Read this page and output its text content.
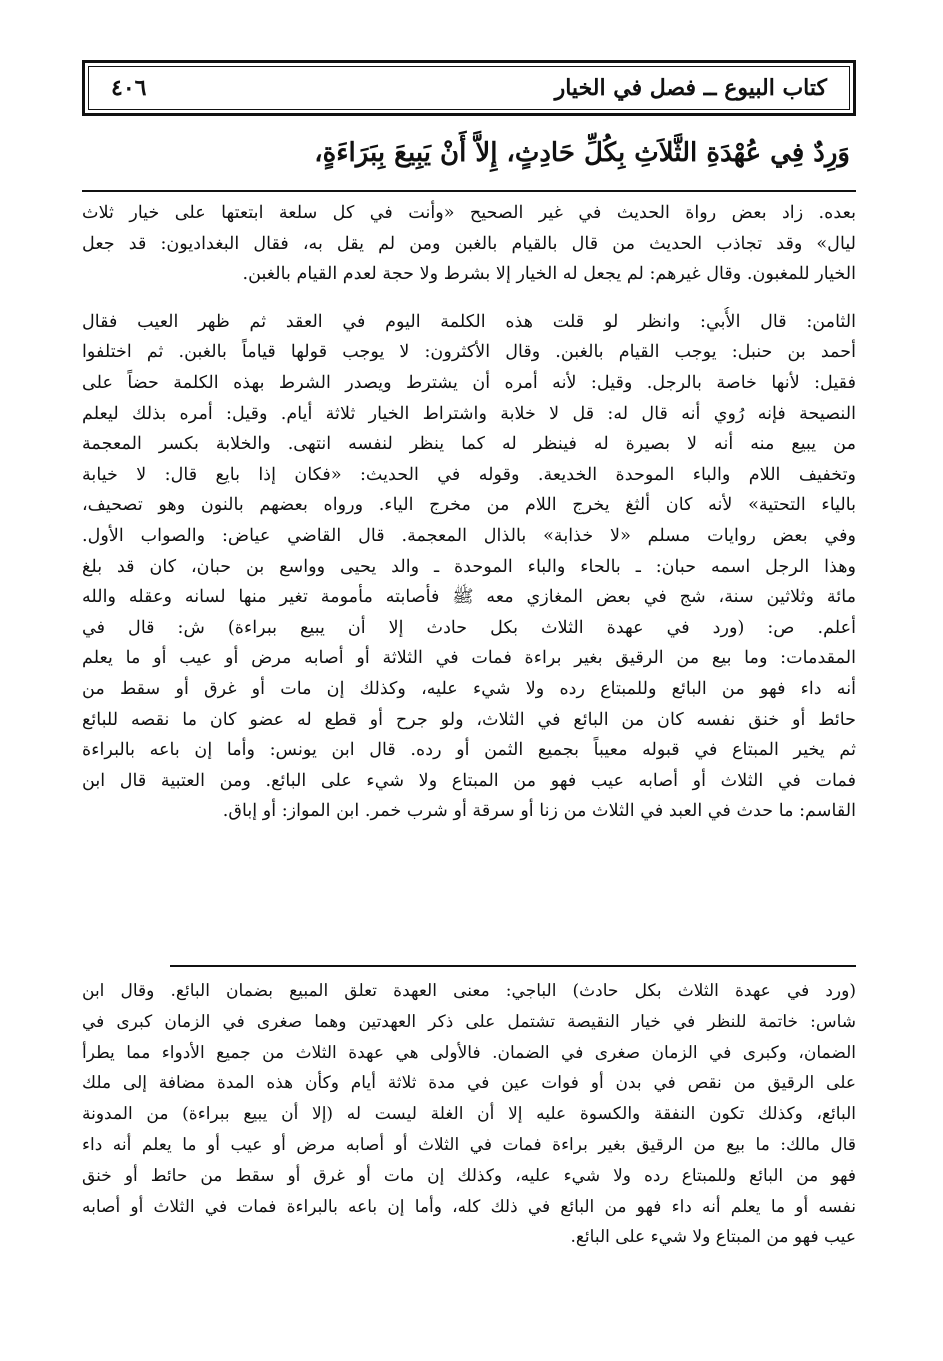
كتاب البيوع ــ فصل في الخيار
٤٠٦
وَرِدٌ فِي عُهْدَةِ الثَّلاَثِ بِكُلِّ حَادِثٍ، إِلاَّ أَنْ يَبِيعَ بِبَرَاءَةٍ،
بعده. زاد بعض رواة الحديث في غير الصحيح «وأنت في كل سلعة ابتعتها على خيار ثلاث
ليال» وقد تجاذب الحديث من قال بالقيام بالغبن ومن لم يقل به، فقال البغداديون: قد جعل
الخيار للمغبون. وقال غيرهم: لم يجعل له الخيار إلا بشرط ولا حجة لعدم القيام بالغبن.
الثامن: قال الأُبي: وانظر لو قلت هذه الكلمة اليوم في العقد ثم ظهر العيب فقال
أحمد بن حنبل: يوجب القيام بالغبن. وقال الأكثرون: لا يوجب قولها قياماً بالغبن. ثم اختلفوا
فقيل: لأنها خاصة بالرجل. وقيل: لأنه أمره أن يشترط ويصدر الشرط بهذه الكلمة حضاً على
النصيحة فإنه رُوي أنه قال له: قل لا خلابة واشتراط الخيار ثلاثة أيام. وقيل: أمره بذلك ليعلم
من يبيع منه أنه لا بصيرة له فينظر له كما ينظر لنفسه انتهى. والخلابة بكسر المعجمة
وتخفيف اللام والباء الموحدة الخديعة. وقوله في الحديث: «فكان إذا بايع قال: لا خيابة
بالياء التحتية» لأنه كان ألثغ يخرج اللام من مخرج الياء. ورواه بعضهم بالنون وهو تصحيف،
وفي بعض روايات مسلم «لا خذابة» بالذال المعجمة. قال القاضي عياض: والصواب الأول.
وهذا الرجل اسمه حبان: ـ بالحاء والباء الموحدة ـ والد يحيى وواسع بن حبان، كان قد بلغ
مائة وثلاثين سنة، شج في بعض المغازي معه ﷺ فأصابته مأمومة تغير منها لسانه وعقله والله
أعلم. ص: (ورد في عهدة الثلاث بكل حادث إلا أن يبيع ببراءة) ش: قال في
المقدمات: وما بيع من الرقيق بغير براءة فمات في الثلاثة أو أصابه مرض أو عيب أو ما يعلم
أنه داء فهو من البائع وللمبتاع رده ولا شيء عليه، وكذلك إن مات أو غرق أو سقط من
حائط أو خنق نفسه كان من البائع في الثلاث، ولو جرح أو قطع له عضو كان ما نقصه للبائع
ثم يخير المبتاع في قبوله معيباً بجميع الثمن أو رده. قال ابن يونس: وأما إن باعه بالبراءة
فمات في الثلاث أو أصابه عيب فهو من المبتاع ولا شيء على البائع. ومن العتبية قال ابن
القاسم: ما حدث في العبد في الثلاث من زنا أو سرقة أو شرب خمر. ابن المواز: أو إباق.
(ورد في عهدة الثلاث بكل حادث) الباجي: معنى العهدة تعلق المبيع بضمان البائع. وقال ابن
شاس: خاتمة للنظر في خيار النقيصة تشتمل على ذكر العهدتين وهما صغرى في الزمان كبرى في
الضمان، وكبرى في الزمان صغرى في الضمان. فالأولى هي عهدة الثلاث من جميع الأدواء مما يطرأ
على الرقيق من نقص في بدن أو فوات عين في مدة ثلاثة أيام وكأن هذه المدة مضافة إلى ملك
البائع، وكذلك تكون النفقة والكسوة عليه إلا أن الغلة ليست له (إلا أن يبيع ببراءة) من المدونة
قال مالك: ما بيع من الرقيق بغير براءة فمات في الثلاث أو أصابه مرض أو عيب أو ما يعلم أنه داء
فهو من البائع وللمبتاع رده ولا شيء عليه، وكذلك إن مات أو غرق أو سقط من حائط أو خنق
نفسه أو ما يعلم أنه داء فهو من البائع في ذلك كله، وأما إن باعه بالبراءة فمات في الثلاث أو أصابه
عيب فهو من المبتاع ولا شيء على البائع.
